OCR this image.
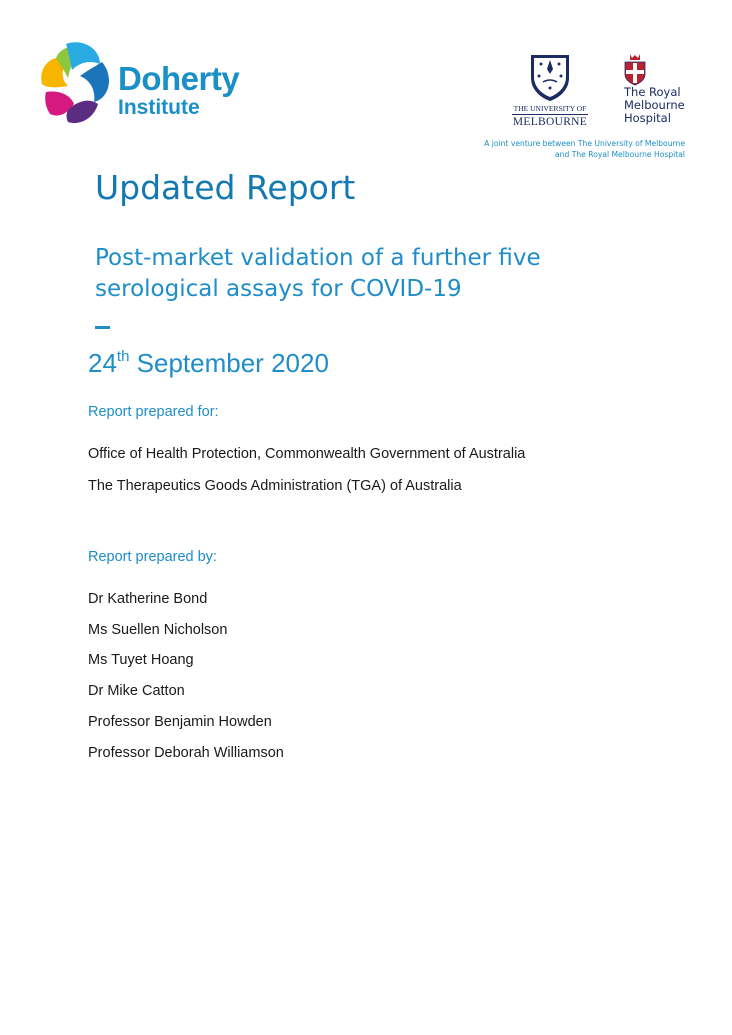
Doherty
Institute	THE UNIVERSITY OF
MELBOURNE
The Royal
Melbourne
Hospital
A joint venture between The University of Melbourne
and The Royal Melbourne Hospital
Updated Report
Post-market validation of a further five serological assays for COVID-19
24th September 2020
Report prepared for:
Office of Health Protection, Commonwealth Government of Australia
The Therapeutics Goods Administration (TGA) of Australia
Report prepared by:
Dr Katherine Bond
Ms Suellen Nicholson
Ms Tuyet Hoang
Dr Mike Catton
Professor Benjamin Howden
Professor Deborah Williamson
